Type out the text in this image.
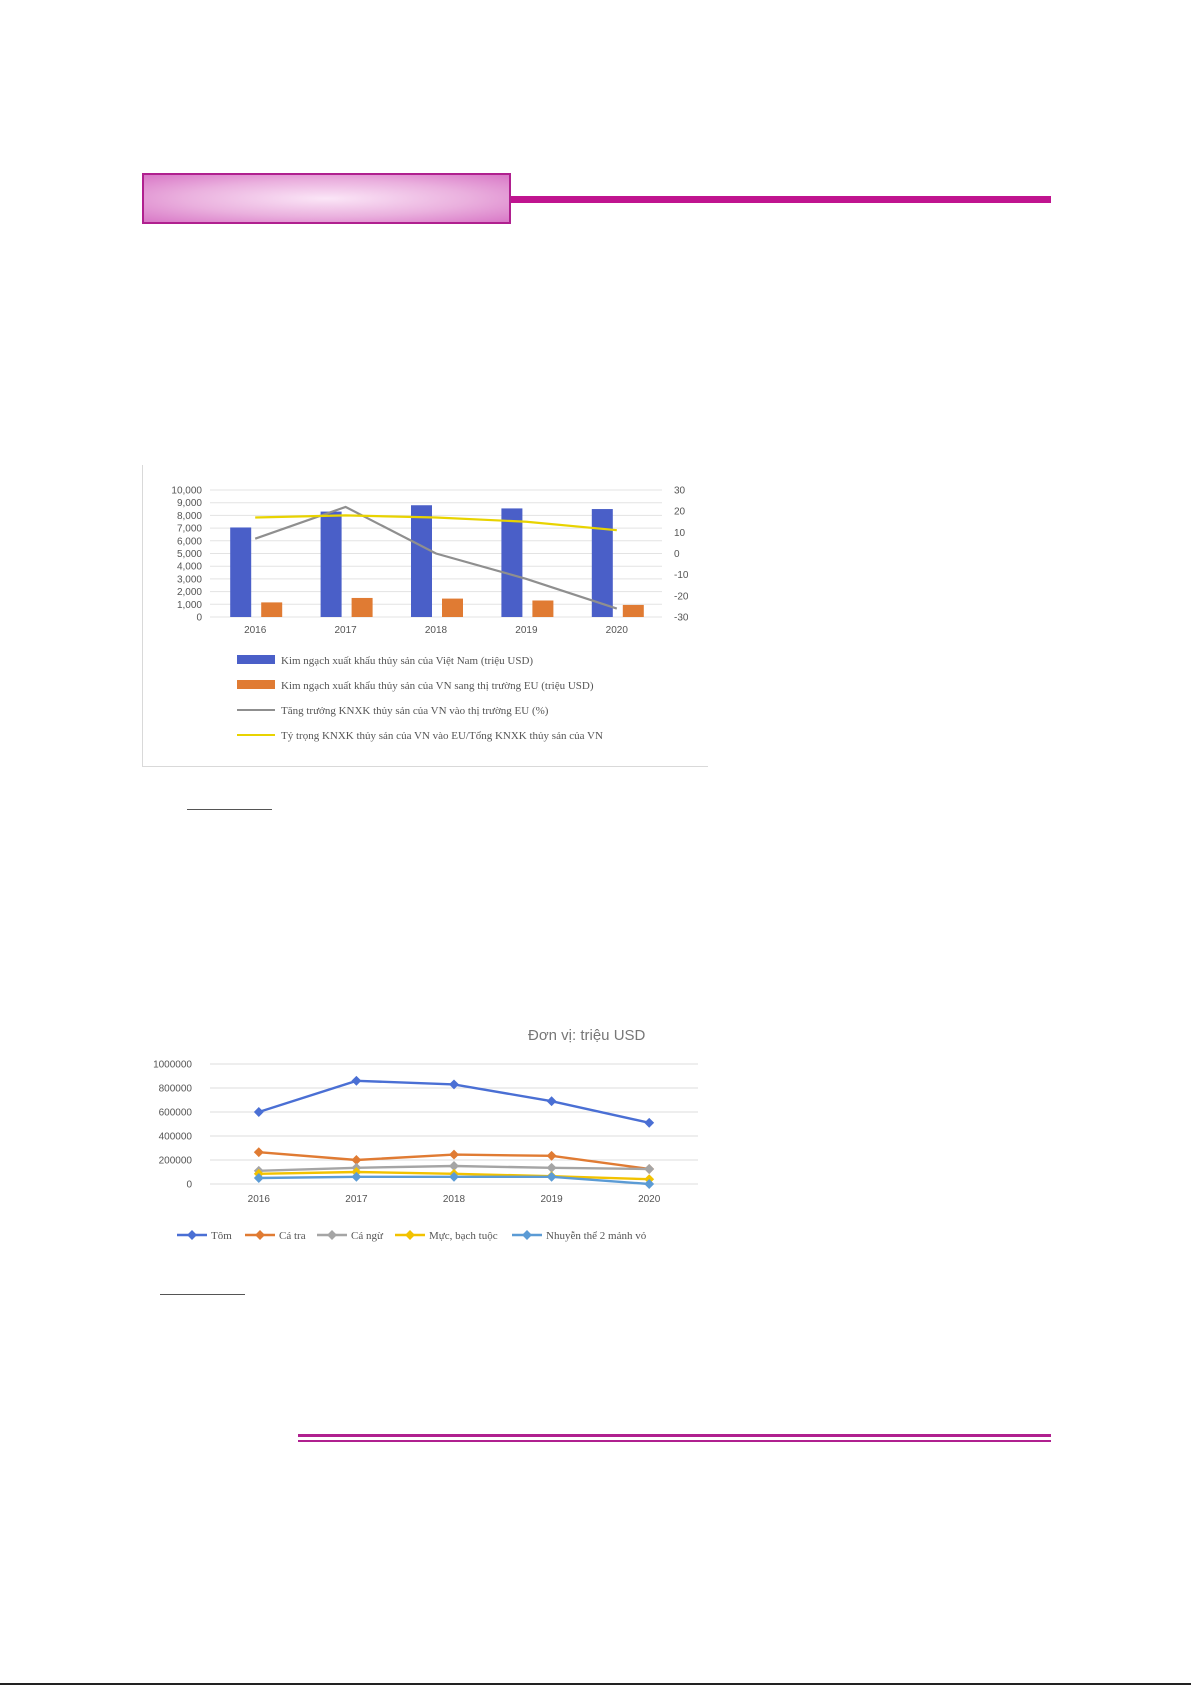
0
1,000
2,000
3,000
4,000
5,000
6,000
7,000
8,000
9,000
10,000	30
20
10
0
-10
-20
-30
2016	2017	2018	2019	2020
Kim ngạch xuất khẩu thủy sản của Việt Nam (triệu USD)
Kim ngạch xuất khẩu thủy sản của VN sang thị trường EU (triệu USD)
Tăng trưởng KNXK thủy sản của VN vào thị trường EU (%)
Tỷ trọng KNXK thủy sản của VN vào EU/Tổng KNXK thủy sản của VN
Đơn vị: triệu USD
0
200000
400000
600000
800000
1000000
2016	2017	2018	2019	2020
Tôm	Cá tra	Cá ngừ	Mực, bạch tuộc	Nhuyễn thể 2 mảnh vỏ
